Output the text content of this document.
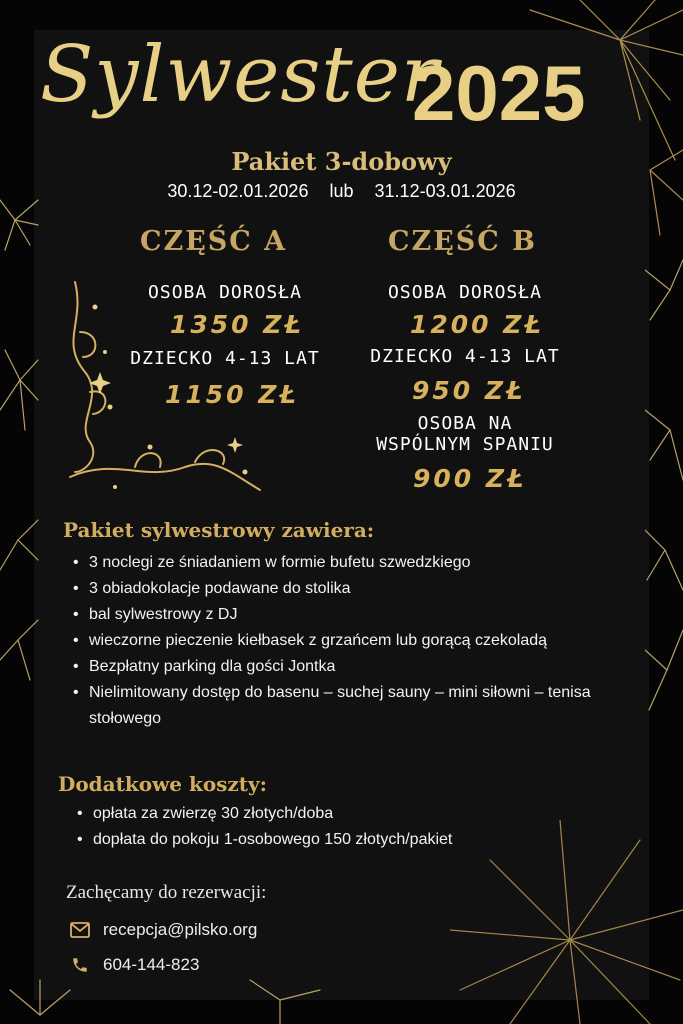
Sylwester
2025
Pakiet 3-dobowy
30.12-02.01.2026 lub 31.12-03.01.2026
CZĘŚĆ A
OSOBA DOROSŁA
1350 ZŁ
DZIECKO 4-13 LAT
1150 ZŁ
CZĘŚĆ B
OSOBA DOROSŁA
1200 ZŁ
DZIECKO 4-13 LAT
950 ZŁ
OSOBA NA
WSPÓLNYM SPANIU
900 ZŁ
Pakiet sylwestrowy zawiera:
• 3 noclegi ze śniadaniem w formie bufetu szwedzkiego
• 3 obiadokolacje podawane do stolika
• bal sylwestrowy z DJ
• wieczorne pieczenie kiełbasek z grzańcem lub gorącą czekoladą
• Bezpłatny parking dla gości Jontka
• Nielimitowany dostęp do basenu – suchej sauny – mini siłowni – tenisa stołowego
Dodatkowe koszty:
• opłata za zwierzę 30 złotych/doba
• dopłata do pokoju 1-osobowego 150 złotych/pakiet
Zachęcamy do rezerwacji:
recepcja@pilsko.org
604-144-823
